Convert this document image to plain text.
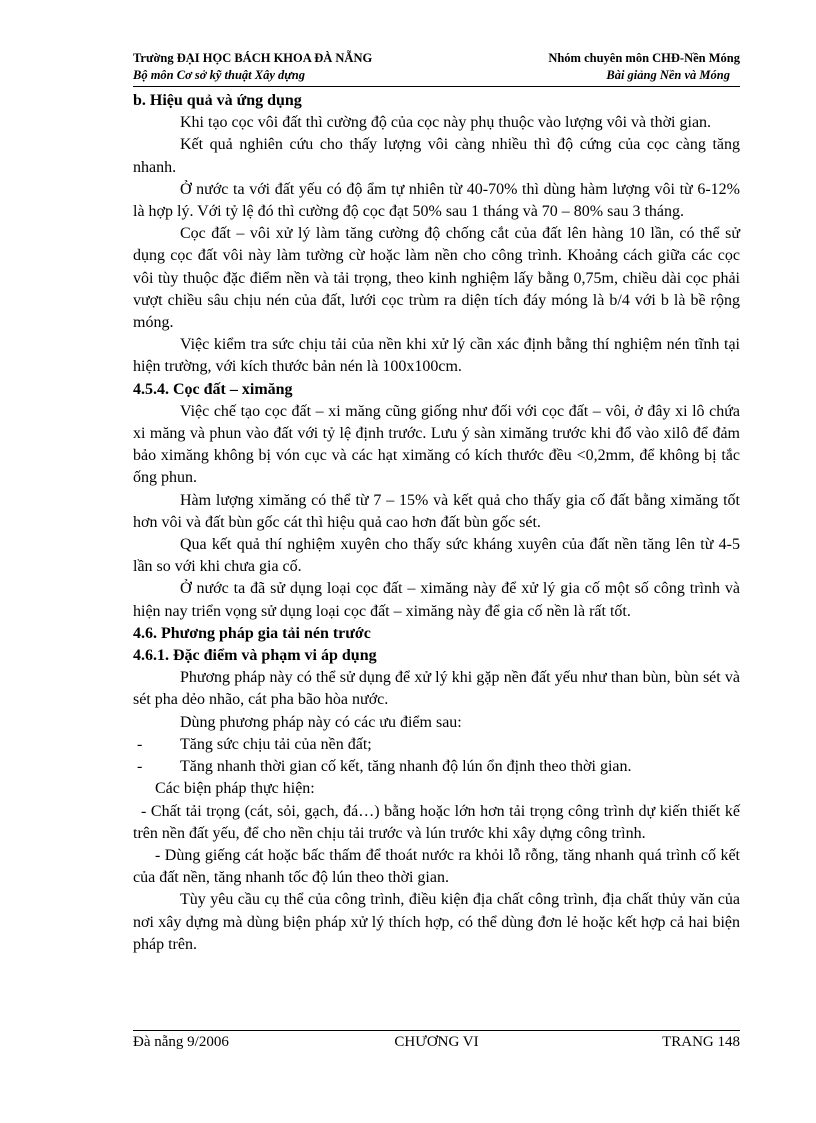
Trường ĐẠI HỌC BÁCH KHOA ĐÀ NẴNG	Nhóm chuyên môn CHĐ-Nền Móng
Bộ môn Cơ sở kỹ thuật Xây dựng	Bài giảng Nền và Móng

b. Hiệu quả và ứng dụng

Khi tạo cọc vôi đất thì cường độ của cọc này phụ thuộc vào lượng vôi và thời gian.

Kết quả nghiên cứu cho thấy lượng vôi càng nhiều thì độ cứng của cọc càng tăng nhanh.

Ở nước ta với đất yếu có độ ẩm tự nhiên từ 40-70% thì dùng hàm lượng vôi từ 6-12% là hợp lý. Với tỷ lệ đó thì cường độ cọc đạt 50% sau 1 tháng và 70 – 80% sau 3 tháng.

Cọc đất – vôi xử lý làm tăng cường độ chống cắt của đất lên hàng 10 lần, có thể sử dụng cọc đất vôi này làm tường cừ hoặc làm nền cho công trình. Khoảng cách giữa các cọc vôi tùy thuộc đặc điểm nền và tải trọng, theo kinh nghiệm lấy bằng 0,75m, chiều dài cọc phải vượt chiều sâu chịu nén của đất, lưới cọc trùm ra diện tích đáy móng là b/4 với b là bề rộng móng.

Việc kiểm tra sức chịu tải của nền khi xử lý cần xác định bằng thí nghiệm nén tĩnh tại hiện trường, với kích thước bản nén là 100x100cm.

4.5.4. Cọc đất – ximăng

Việc chế tạo cọc đất – xi măng cũng giống như đối với cọc đất – vôi, ở đây xi lô chứa xi măng và phun vào đất với tỷ lệ định trước. Lưu ý sàn ximăng trước khi đổ vào xilô để đảm bảo ximăng không bị vón cục và các hạt ximăng có kích thước đều <0,2mm, để không bị tắc ống phun.

Hàm lượng ximăng có thể từ 7 – 15% và kết quả cho thấy gia cố đất bằng ximăng tốt hơn vôi và đất bùn gốc cát thì hiệu quả cao hơn đất bùn gốc sét.

Qua kết quả thí nghiệm xuyên cho thấy sức kháng xuyên của đất nền tăng lên từ 4-5 lần so với khi chưa gia cố.

Ở nước ta đã sử dụng loại cọc đất – ximăng này để xử lý gia cố một số công trình và hiện nay triển vọng sử dụng loại cọc đất – ximăng này để gia cố nền là rất tốt.

4.6. Phương pháp gia tải nén trước

4.6.1. Đặc điểm và phạm vi áp dụng

Phương pháp này có thể sử dụng để xử lý khi gặp nền đất yếu như than bùn, bùn sét và sét pha dẻo nhão, cát pha bão hòa nước.

Dùng phương pháp này có các ưu điểm sau:

-	Tăng sức chịu tải của nền đất;
-	Tăng nhanh thời gian cố kết, tăng nhanh độ lún ổn định theo thời gian.

Các biện pháp thực hiện:

- Chất tải trọng (cát, sỏi, gạch, đá…) bằng hoặc lớn hơn tải trọng công trình dự kiến thiết kế trên nền đất yếu, để cho nền chịu tải trước và lún trước khi xây dựng công trình.

- Dùng giếng cát hoặc bấc thấm để thoát nước ra khỏi lỗ rỗng, tăng nhanh quá trình cố kết của đất nền, tăng nhanh tốc độ lún theo thời gian.

Tùy yêu cầu cụ thể của công trình, điều kiện địa chất công trình, địa chất thủy văn của nơi xây dựng mà dùng biện pháp xử lý thích hợp, có thể dùng đơn lẻ hoặc kết hợp cả hai biện pháp trên.

Đà nẵng 9/2006	CHƯƠNG VI	TRANG 148
